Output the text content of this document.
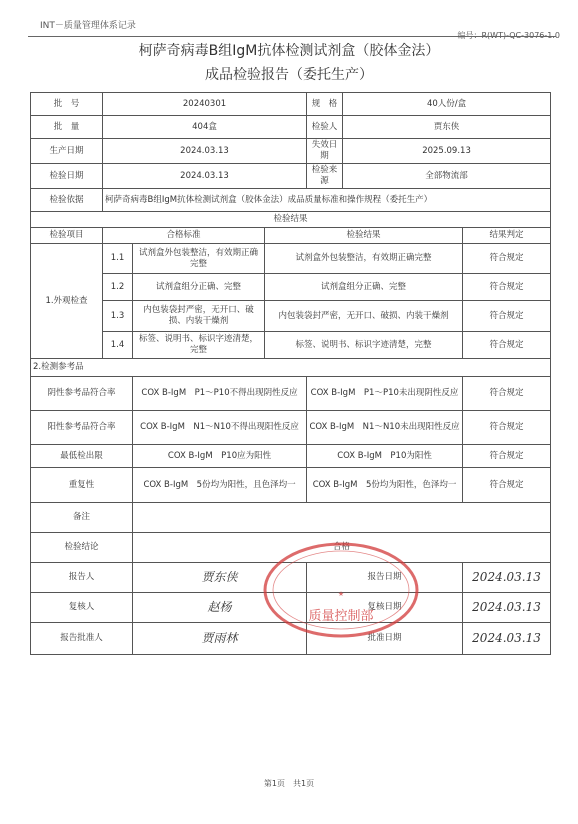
INT－质量管理体系记录
编号：R(WT)-QC-3076-1.0
柯萨奇病毒B组IgM抗体检测试剂盒（胶体金法）
成品检验报告（委托生产）
批　号	20240301			规　格	40人份/盒	
批　量	404盒			检验人	贾东侠	
生产日期	2024.03.13			失效日期	2025.09.13	
检验日期	2024.03.13			检验来源	全部物流部	
检验依据	柯萨奇病毒B组IgM抗体检测试剂盒（胶体金法）成品质量标准和操作规程（委托生产）					
检验结果						
检验项目	合格标准		检验结果			结果判定
1.外观检查	1.1	试剂盒外包装整洁，有效期正确完整	试剂盒外包装整洁，有效期正确完整			符合规定
	1.2	试剂盒组分正确、完整	试剂盒组分正确、完整			符合规定
	1.3	内包装袋封严密，无开口、破损、内装干燥剂	内包装袋封严密，无开口、破损、内装干燥剂			符合规定
	1.4	标签、说明书、标识字迹清楚，完整	标签、说明书、标识字迹清楚，完整			符合规定
2.检测参考品						
阴性参考品符合率		COX B-IgM　P1～P10不得出现阴性反应		COX B-IgM　P1～P10未出现阴性反应		符合规定
阳性参考品符合率		COX B-IgM　N1～N10不得出现阳性反应		COX B-IgM　N1～N10未出现阳性反应		符合规定
最低检出限		COX B-IgM　P10应为阳性		COX B-IgM　P10为阳性		符合规定
重复性		COX B-IgM　5份均为阳性，且色泽均一		COX B-IgM　5份均为阳性，色泽均一		符合规定
备注						
检验结论		合格				
报告人		贾东侠		报告日期		2024.03.13
复核人		赵杨		复核日期		2024.03.13
报告批准人		贾雨林		批准日期		2024.03.13
★
质量控制部
第1页　共1页
